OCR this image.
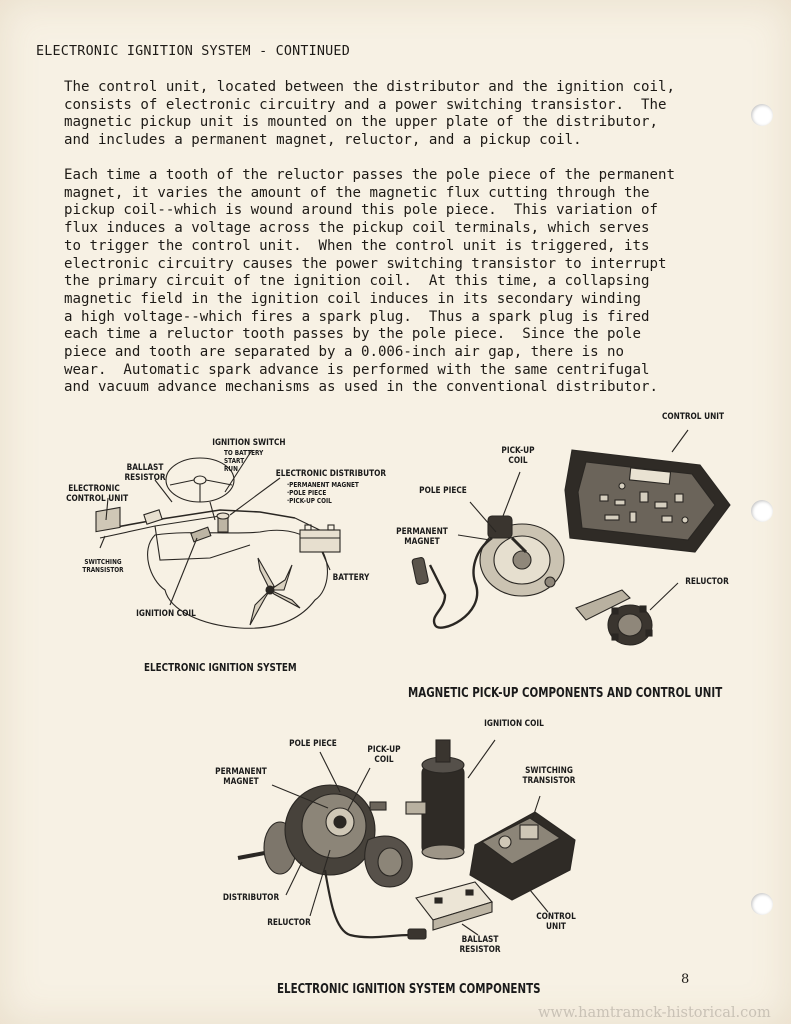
ELECTRONIC IGNITION SYSTEM - CONTINUED
The control unit, located between the distributor and the ignition coil,
consists of electronic circuitry and a power switching transistor.  The
magnetic pickup unit is mounted on the upper plate of the distributor,
and includes a permanent magnet, reluctor, and a pickup coil.
Each time a tooth of the reluctor passes the pole piece of the permanent
magnet, it varies the amount of the magnetic flux cutting through the
pickup coil--which is wound around this pole piece.  This variation of
flux induces a voltage across the pickup coil terminals, which serves
to trigger the control unit.  When the control unit is triggered, its
electronic circuitry causes the power switching transistor to interrupt
the primary circuit of tne ignition coil.  At this time, a collapsing
magnetic field in the ignition coil induces in its secondary winding
a high voltage--which fires a spark plug.  Thus a spark plug is fired
each time a reluctor tooth passes by the pole piece.  Since the pole
piece and tooth are separated by a 0.006-inch air gap, there is no
wear.  Automatic spark advance is performed with the same centrifugal
and vacuum advance mechanisms as used in the conventional distributor.
IGNITION SWITCH
TO BATTERY
START
RUN
BALLAST
RESISTOR	ELECTRONIC DISTRIBUTOR
·PERMANENT MAGNET
·POLE PIECE
·PICK-UP COIL
ELECTRONIC
CONTROL UNIT
SWITCHING
TRANSISTOR
IGNITION COIL
BATTERY
ELECTRONIC IGNITION SYSTEM
CONTROL UNIT
PICK-UP
COIL
POLE PIECE
PERMANENT
MAGNET
RELUCTOR
MAGNETIC PICK-UP COMPONENTS AND CONTROL UNIT
IGNITION COIL
POLE PIECE
PICK-UP
COIL
PERMANENT
MAGNET
SWITCHING
TRANSISTOR
DISTRIBUTOR
RELUCTOR
CONTROL
UNIT
BALLAST
RESISTOR
ELECTRONIC IGNITION SYSTEM COMPONENTS
8
www.hamtramck-historical.com
